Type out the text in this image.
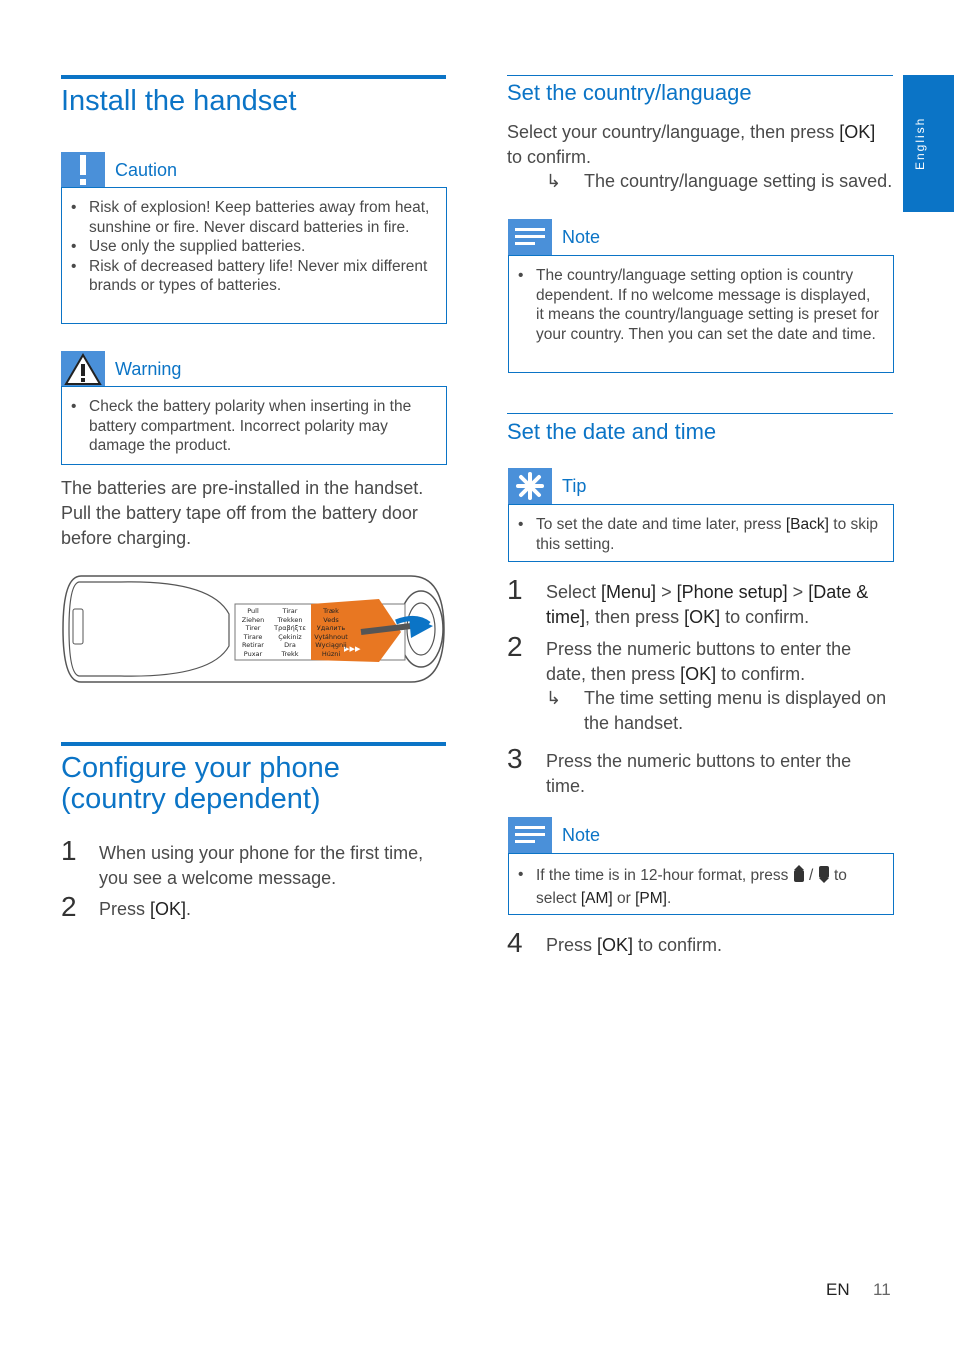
English
Install the handset
Caution
• Risk of explosion! Keep batteries away from heat, sunshine or fire. Never discard batteries in fire.
• Use only the supplied batteries.
• Risk of decreased battery life! Never mix different brands or types of batteries.
Warning
• Check the battery polarity when inserting in the battery compartment. Incorrect polarity may damage the product.
The batteries are pre-installed in the handset. Pull the battery tape off from the battery door before charging.
▸▸▸
Pull
Ziehen
Tirer
Tirare
Retirar
Puxar
Tirar
Trekken
Τραβήξτε
Çekiniz
Dra
Trekk
Træk
Veds
Удалить
Vytáhnout
Wyciągnij
Húzni
Configure your phone
(country dependent)
1 When using your phone for the first time, you see a welcome message.
2 Press [OK].
Set the country/language
Select your country/language, then press [OK] to confirm.
↳ The country/language setting is saved.
Note
• The country/language setting option is country dependent. If no welcome message is displayed, it means the country/language setting is preset for your country. Then you can set the date and time.
Set the date and time
Tip
• To set the date and time later, press [Back] to skip this setting.
1 Select [Menu] > [Phone setup] > [Date & time], then press [OK] to confirm.
2 Press the numeric buttons to enter the date, then press [OK] to confirm.
↳ The time setting menu is displayed on the handset.
3 Press the numeric buttons to enter the time.
Note
• If the time is in 12-hour format, press  /  to select [AM] or [PM].
4 Press [OK] to confirm.
EN 11
